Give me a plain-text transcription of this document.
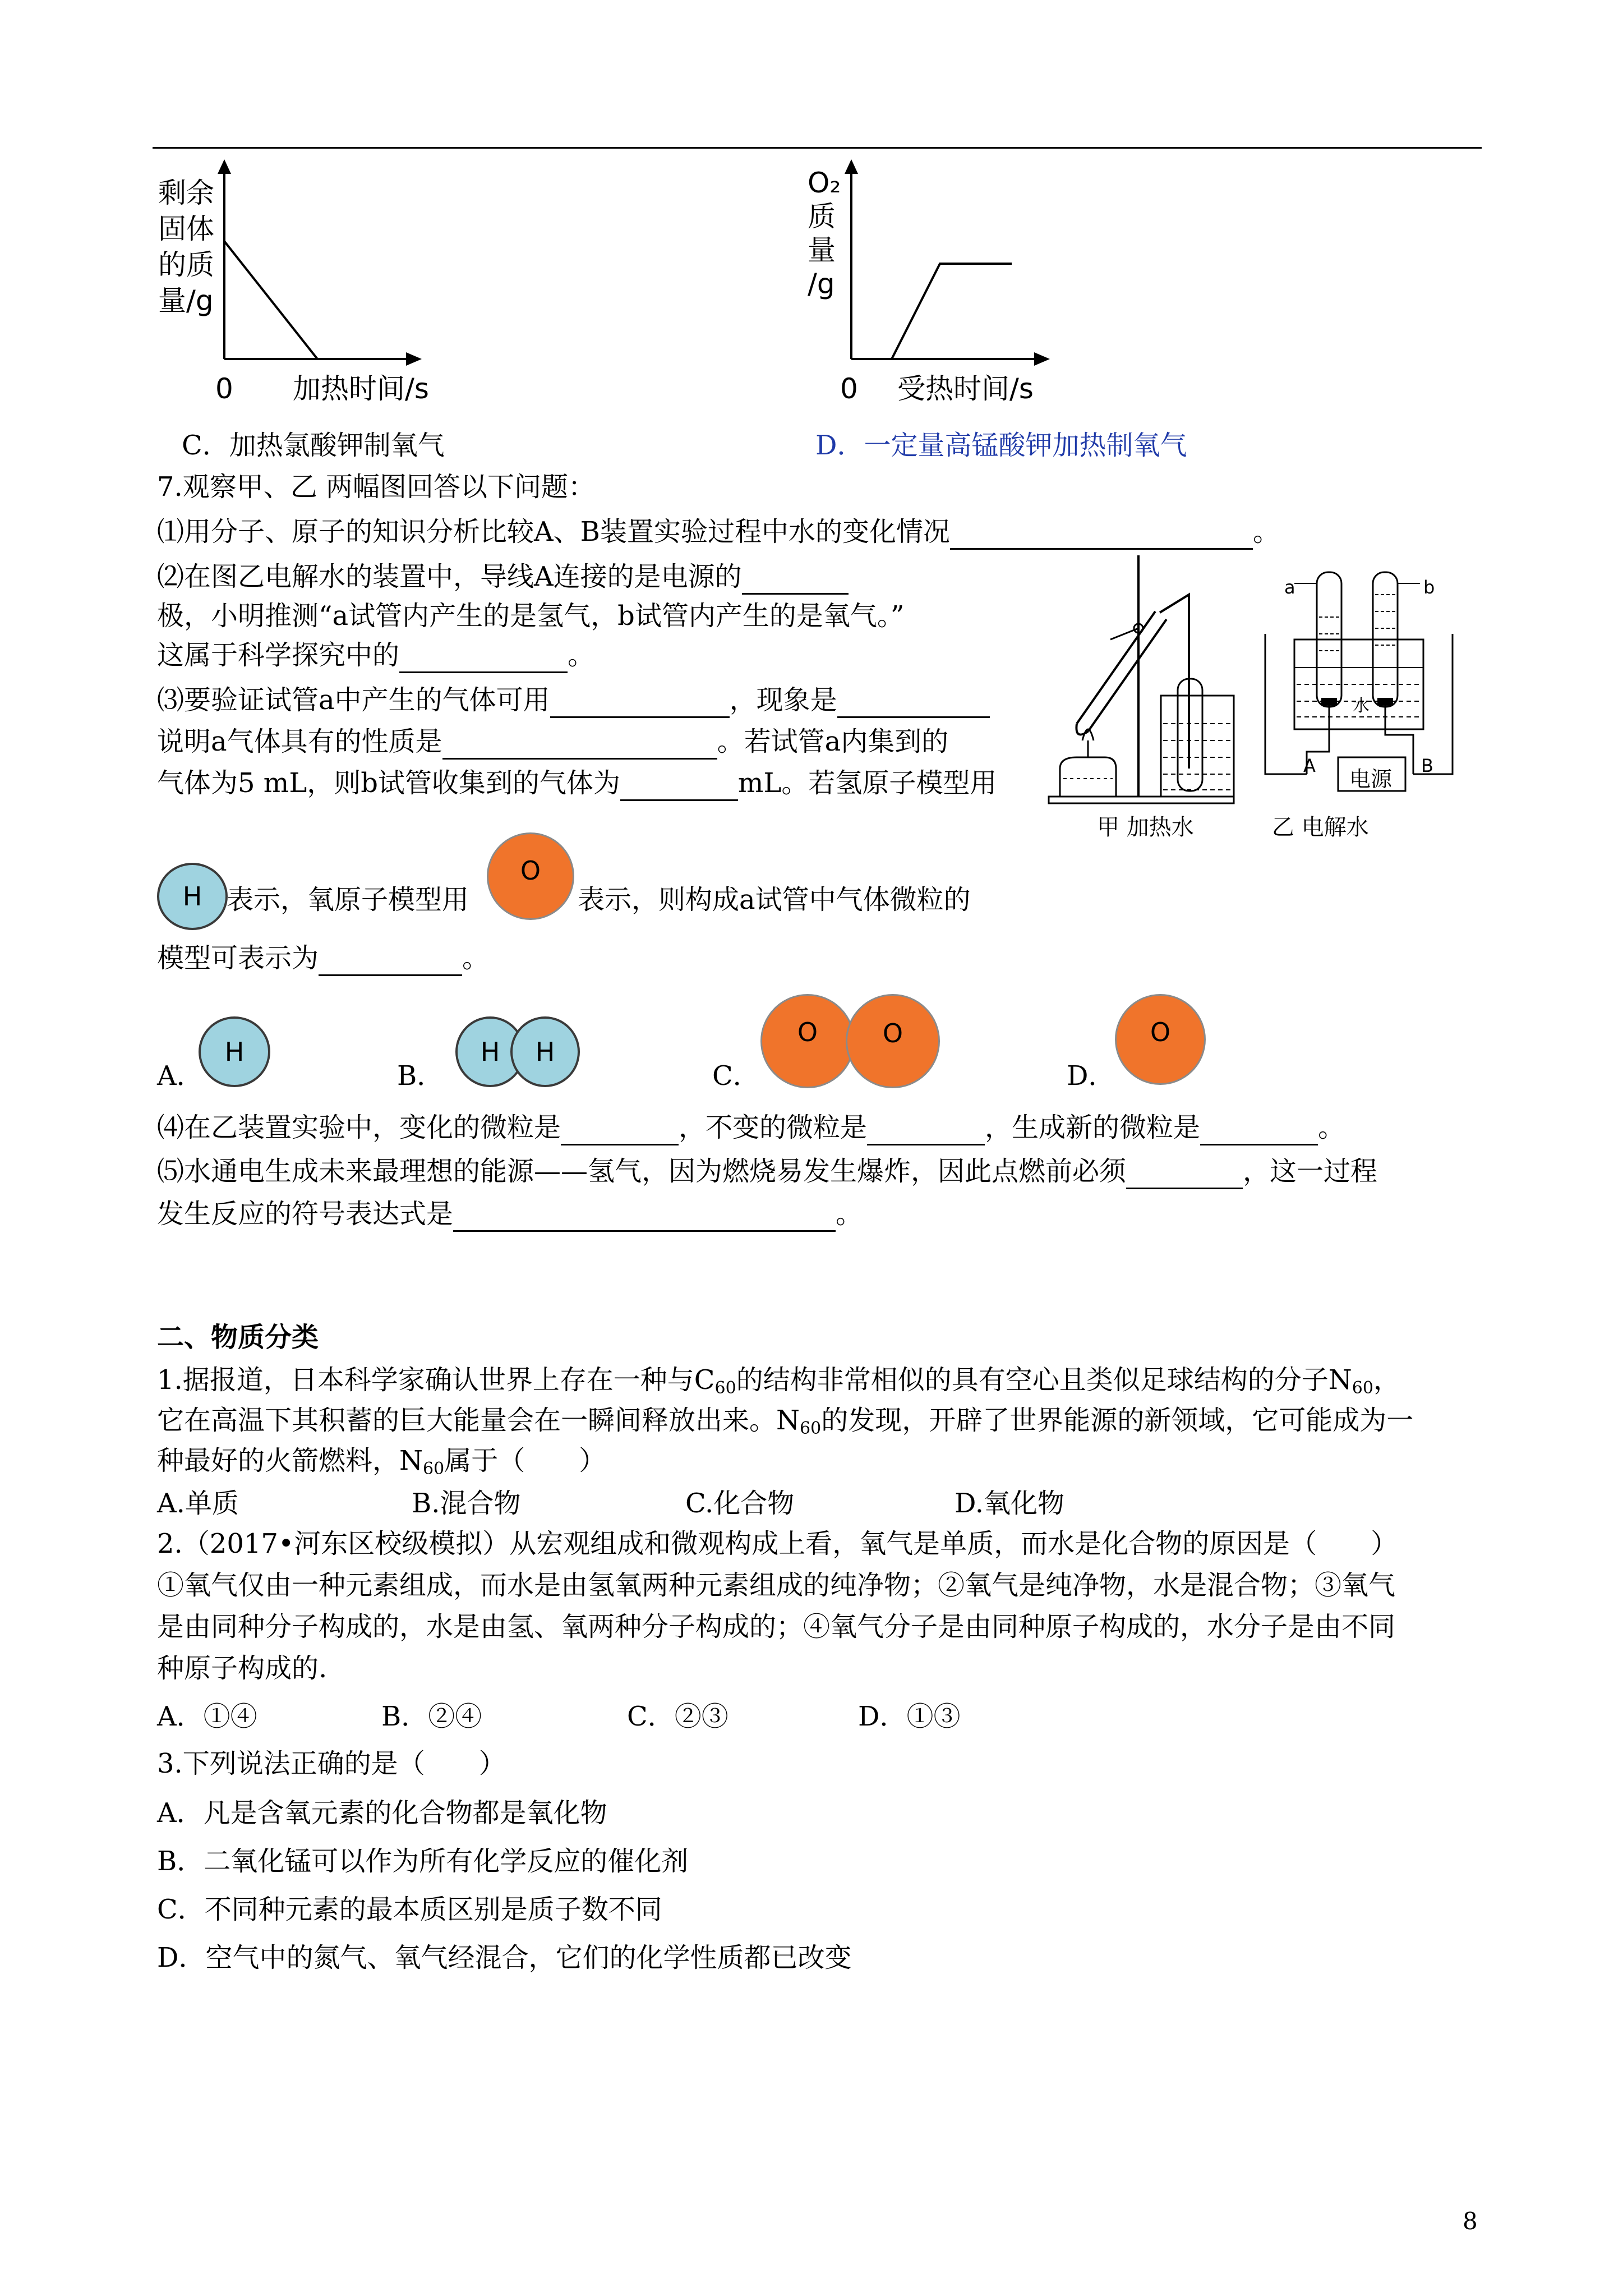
剩余
固体
的质
量/g
0 加热时间/s
C．加热氯酸钾制氧气
O₂
质
量
/g
0 受热时间/s
D．一定量高锰酸钾加热制氧气
7.观察甲、乙 两幅图回答以下问题：
⑴用分子、原子的知识分析比较A、B装置实验过程中水的变化情况	。
⑵在图乙电解水的装置中，导线A连接的是电源的
极，小明推测“a试管内产生的是氢气，b试管内产生的是氧气。”
这属于科学探究中的	。
⑶要验证试管a中产生的气体可用	，现象是
说明a气体具有的性质是	。若试管a内集到的
气体为5 mL，则b试管收集到的气体为	mL。若氢原子模型用
H 表示，氧原子模型用
O
表示，则构成a试管中气体微粒的
模型可表示为	。
A．
H
B．
H H
C．
O	O
D．
O
⑷在乙装置实验中，变化的微粒是	，不变的微粒是	，生成新的微粒是	。
⑸水通电生成未来最理想的能源——氢气，因为燃烧易发生爆炸，因此点燃前必须	，这一过程
发生反应的符号表达式是	。
甲 加热水
a	b
水
A	B
电源
乙 电解水
二、物质分类
1.据报道，日本科学家确认世界上存在一种与$C_{60}$的结构非常相似的具有空心且类似足球结构的分子$N_{60}$，
它在高温下其积蓄的巨大能量会在一瞬间释放出来。$N_{60}$的发现，开辟了世界能源的新领域，它可能成为一
种最好的火箭燃料，$N_{60}$属于（　　）
A.单质	B.混合物	C.化合物	D.氧化物
2.（2017•河东区校级模拟）从宏观组成和微观构成上看，氧气是单质，而水是化合物的原因是（　　）
①氧气仅由一种元素组成，而水是由氢氧两种元素组成的纯净物；②氧气是纯净物，水是混合物；③氧气
是由同种分子构成的，水是由氢、氧两种分子构成的；④氧气分子是由同种原子构成的，水分子是由不同
种原子构成的.
A．①④	B．②④	C．②③	D．①③
3.下列说法正确的是（　　）
A．凡是含氧元素的化合物都是氧化物
B．二氧化锰可以作为所有化学反应的催化剂
C．不同种元素的最本质区别是质子数不同
D．空气中的氮气、氧气经混合，它们的化学性质都已改变
8
